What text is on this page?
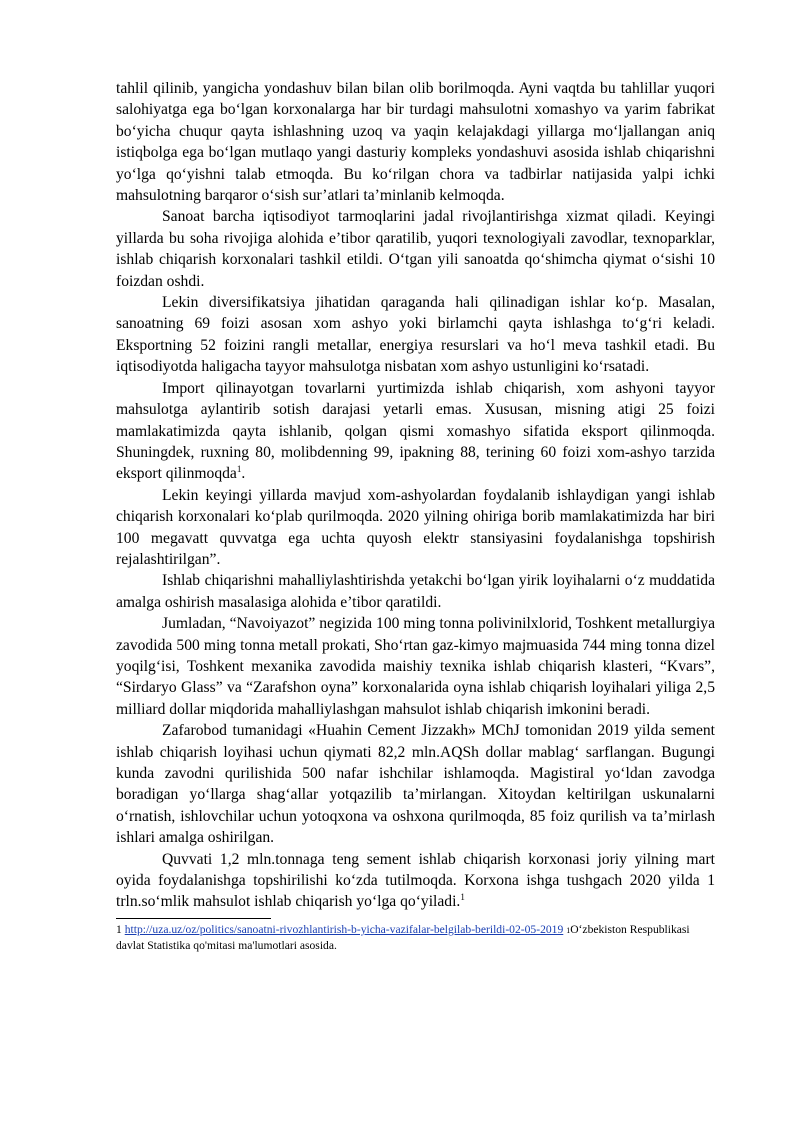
tahlil qilinib, yangicha yondashuv bilan bilan olib borilmoqda. Ayni vaqtda bu tahlillar yuqori salohiyatga ega bo‘lgan korxonalarga har bir turdagi mahsulotni xomashyo va yarim fabrikat bo‘yicha chuqur qayta ishlashning uzoq va yaqin kelajakdagi yillarga mo‘ljallangan aniq istiqbolga ega bo‘lgan mutlaqo yangi dasturiy kompleks yondashuvi asosida ishlab chiqarishni yo‘lga qo‘yishni talab etmoqda. Bu ko‘rilgan chora va tadbirlar natijasida yalpi ichki mahsulotning barqaror o‘sish sur’atlari ta’minlanib kelmoqda.

Sanoat barcha iqtisodiyot tarmoqlarini jadal rivojlantirishga xizmat qiladi. Keyingi yillarda bu soha rivojiga alohida e’tibor qaratilib, yuqori texnologiyali zavodlar, texnoparklar, ishlab chiqarish korxonalari tashkil etildi. O‘tgan yili sanoatda qo‘shimcha qiymat o‘sishi 10 foizdan oshdi.

Lekin diversifikatsiya jihatidan qaraganda hali qilinadigan ishlar ko‘p. Masalan, sanoatning 69 foizi asosan xom ashyo yoki birlamchi qayta ishlashga to‘g‘ri keladi. Eksportning 52 foizini rangli metallar, energiya resurslari va ho‘l meva tashkil etadi. Bu iqtisodiyotda haligacha tayyor mahsulotga nisbatan xom ashyo ustunligini ko‘rsatadi.

Import qilinayotgan tovarlarni yurtimizda ishlab chiqarish, xom ashyoni tayyor mahsulotga aylantirib sotish darajasi yetarli emas. Xususan, misning atigi 25 foizi mamlakatimizda qayta ishlanib, qolgan qismi xomashyo sifatida eksport qilinmoqda. Shuningdek, ruxning 80, molibdenning 99, ipakning 88, terining 60 foizi xom-ashyo tarzida eksport qilinmoqda$^1$.

Lekin keyingi yillarda mavjud xom-ashyolardan foydalanib ishlaydigan yangi ishlab chiqarish korxonalari ko‘plab qurilmoqda. 2020 yilning ohiriga borib mamlakatimizda har biri 100 megavatt quvvatga ega uchta quyosh elektr stansiyasini foydalanishga topshirish rejalashtirilgan”.

Ishlab chiqarishni mahalliylashtirishda yetakchi bo‘lgan yirik loyihalarni o‘z muddatida amalga oshirish masalasiga alohida e’tibor qaratildi.

Jumladan, “Navoiyazot” negizida 100 ming tonna polivinilxlorid, Toshkent metallurgiya zavodida 500 ming tonna metall prokati, Sho‘rtan gaz-kimyo majmuasida 744 ming tonna dizel yoqilg‘isi, Toshkent mexanika zavodida maishiy texnika ishlab chiqarish klasteri, “Kvars”, “Sirdaryo Glass” va “Zarafshon oyna” korxonalarida oyna ishlab chiqarish loyihalari yiliga 2,5 milliard dollar miqdorida mahalliylashgan mahsulot ishlab chiqarish imkonini beradi.

Zafarobod tumanidagi «Huahin Cement Jizzakh» MChJ tomonidan 2019 yilda sement ishlab chiqarish loyihasi uchun qiymati 82,2 mln.AQSh dollar mablag‘ sarflangan. Bugungi kunda zavodni qurilishida 500 nafar ishchilar ishlamoqda. Magistiral yo‘ldan zavodga boradigan yo‘llarga shag‘allar yotqazilib ta’mirlangan. Xitoydan keltirilgan uskunalarni o‘rnatish, ishlovchilar uchun yotoqxona va oshxona qurilmoqda, 85 foiz qurilish va ta’mirlash ishlari amalga oshirilgan.

Quvvati 1,2 mln.tonnaga teng sement ishlab chiqarish korxonasi joriy yilning mart oyida foydalanishga topshirilishi ko‘zda tutilmoqda. Korxona ishga tushgach 2020 yilda 1 trln.so‘mlik mahsulot ishlab chiqarish yo‘lga qo‘yiladi.$^1$

1 http://uza.uz/oz/politics/sanoatni-rivozhlantirish-b-yicha-vazifalar-belgilab-berildi-02-05-2019 1O‘zbekiston Respublikasi davlat Statistika qo'mitasi ma'lumotlari asosida.
